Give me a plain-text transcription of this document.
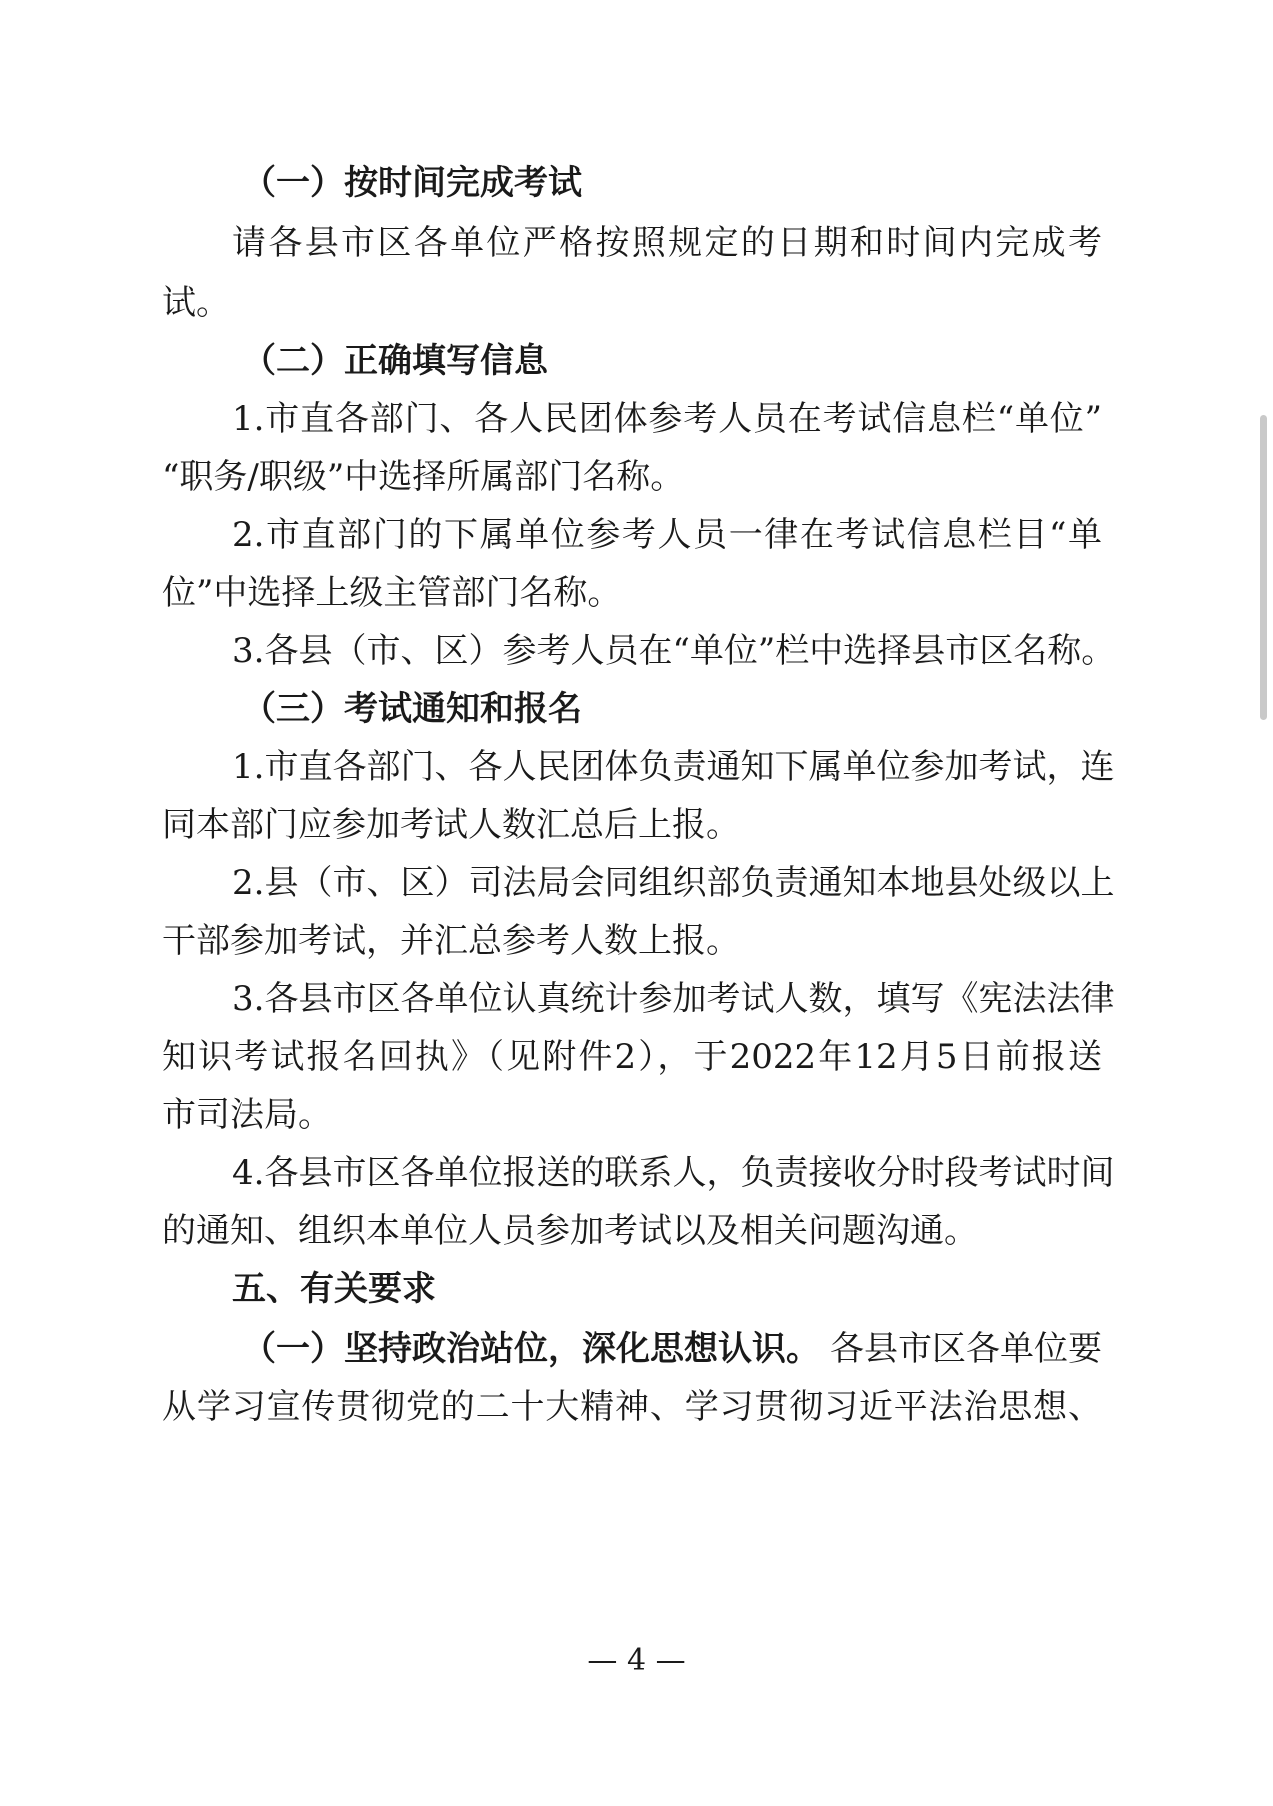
（一）按时间完成考试
请各县市区各单位严格按照规定的日期和时间内完成考
试。
（二）正确填写信息
1.市直各部门、各人民团体参考人员在考试信息栏“单位”
“职务/职级”中选择所属部门名称。
2.市直部门的下属单位参考人员一律在考试信息栏目“单
位”中选择上级主管部门名称。
3.各县（市、区）参考人员在“单位”栏中选择县市区名称。
（三）考试通知和报名
1.市直各部门、各人民团体负责通知下属单位参加考试，连
同本部门应参加考试人数汇总后上报。
2.县（市、区）司法局会同组织部负责通知本地县处级以上
干部参加考试，并汇总参考人数上报。
3.各县市区各单位认真统计参加考试人数，填写《宪法法律
知识考试报名回执》（见附件2），于2022年12月5日前报送
市司法局。
4.各县市区各单位报送的联系人，负责接收分时段考试时间
的通知、组织本单位人员参加考试以及相关问题沟通。
五、有关要求
（一）坚持政治站位，深化思想认识。 各县市区各单位要
从学习宣传贯彻党的二十大精神、学习贯彻习近平法治思想、
— 4 —
